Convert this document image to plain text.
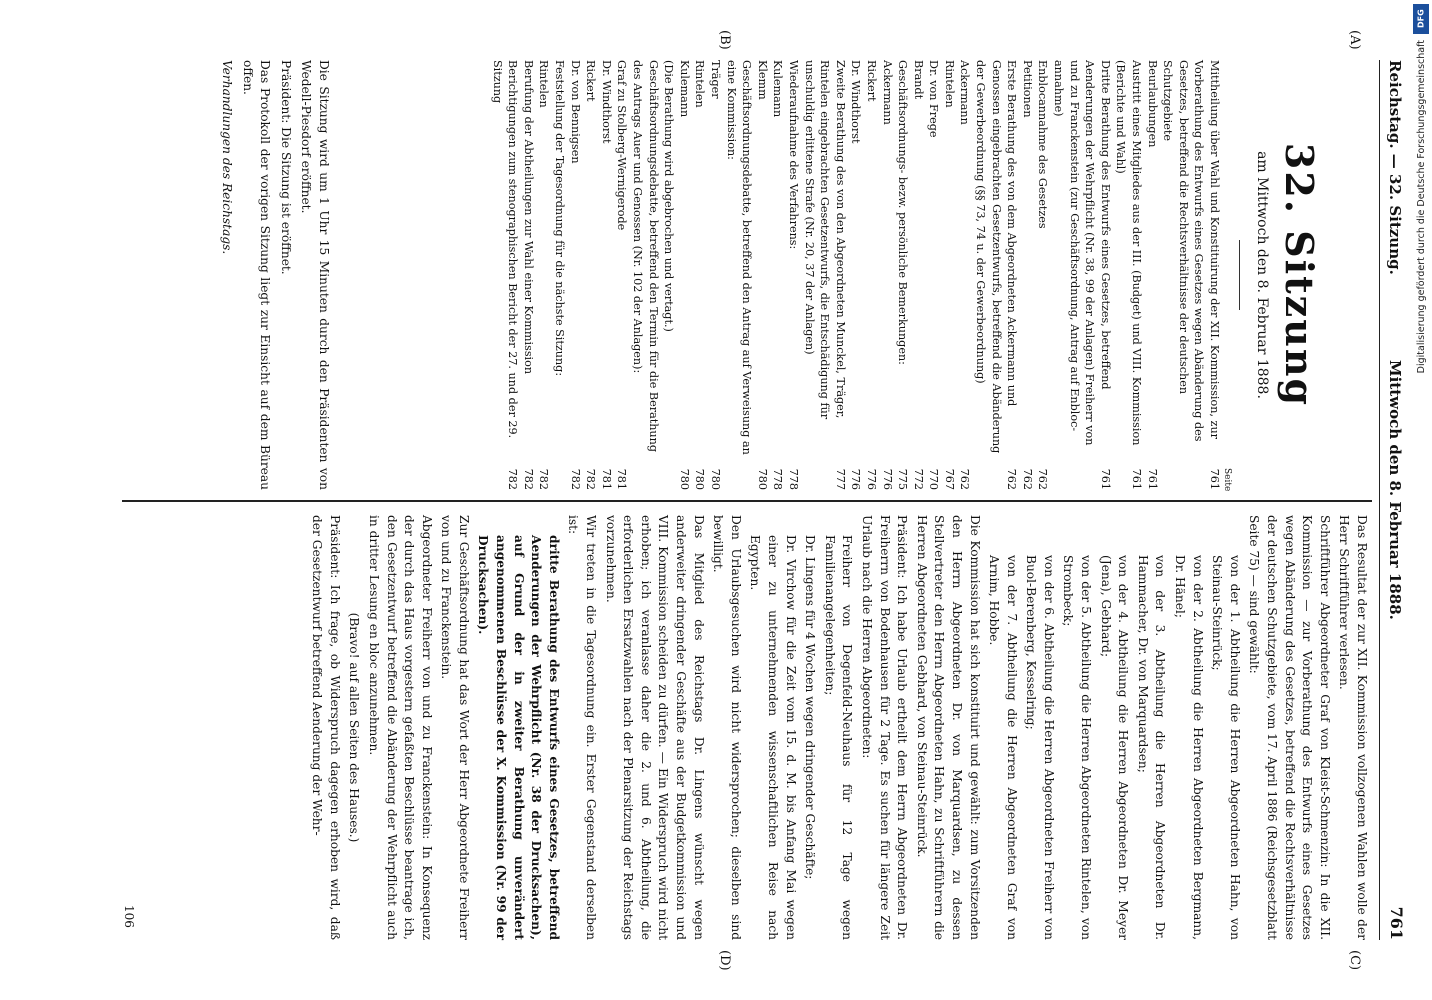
Reichstag. — 32. Sitzung.
Mittwoch den 8. Februar 1888.
761
(A)
(B)
(C)
(D)
32. Sitzung
am Mittwoch den 8. Februar 1888.
Seite
Mittheilung über Wahl und Konstituirung der XII. Kommission, zur Vorberathung des Entwurfs eines Gesetzes wegen Abänderung des Gesetzes, betreffend die Rechtsverhältnisse der deutschen Schutzgebiete
761
Beurlaubungen
761
Austritt eines Mitgliedes aus der III. (Budget) und VIII. Kommission (Berichte und Wahl)
761
Dritte Berathung des Entwurfs eines Gesetzes, betreffend Aenderungen der Wehrpflicht (Nr. 38, 99 der Anlagen) Freiherr von und zu Franckenstein (zur Geschäftsordnung, Antrag auf Enbloc-annahme)
761
Enblocannahme des Gesetzes
762
Petitionen
762
Erste Berathung des von dem Abgeordneten Ackermann und Genossen eingebrachten Gesetzentwurfs, betreffend die Abänderung der Gewerbeordnung (§§ 73, 74 u. der Gewerbeordnung)
762
Ackermann
762
Rintelen
767
Dr. von Frege
770
Brandt
772
Geschäftsordnungs- bezw. persönliche Bemerkungen:
775
Ackermann
776
Rickert
776
Dr. Windthorst
776
Zweite Berathung des von den Abgeordneten Munckel, Träger, Rintelen eingebrachten Gesetzentwurfs, die Entschädigung für unschuldig erlittene Strafe (Nr. 20, 37 der Anlagen)
777
Wiederaufnahme des Verfahrens:
778
Kulemann
778
Klemm
780
Geschäftsordnungsdebatte, betreffend den Antrag auf Verweisung an eine Kommission:
Träger
780
Rintelen
780
Kulemann
780
(Die Berathung wird abgebrochen und vertagt.)
Geschäftsordnungsdebatte, betreffend den Termin für die Berathung des Antrags Auer und Genossen (Nr. 102 der Anlagen):
Graf zu Stolberg-Wernigerode
781
Dr. Windthorst
781
Rickert
782
Dr. von Bennigsen
782
Feststellung der Tagesordnung für die nächste Sitzung:
Rintelen
782
Berufung der Abtheilungen zur Wahl einer Kommission
782
Berichtigungen zum stenographischen Bericht der 27. und der 29. Sitzung
782

Die Sitzung wird um 1 Uhr 15 Minuten durch den Präsidenten von Wedell-Piesdorf eröffnet.

Präsident: Die Sitzung ist eröffnet.

Das Protokoll der vorigen Sitzung liegt zur Einsicht auf dem Büreau offen.

Verhandlungen des Reichstags.

Das Resultat der zur XII. Kommission vollzogenen Wahlen wolle der Herr Schriftführer verlesen.

Schriftführer Abgeordneter Graf von Kleist-Schmenzin: In die XII. Kommission — zur Vorberathung des Entwurfs eines Gesetzes wegen Abänderung des Gesetzes, betreffend die Rechtsverhältnisse der deutschen Schutzgebiete, vom 17. April 1886 (Reichsgesetzblatt Seite 75) — sind gewählt:

von der 1. Abtheilung die Herren Abgeordneten Hahn, von Steinau-Steinrück;

von der 2. Abtheilung die Herren Abgeordneten Bergmann, Dr. Hänel;

von der 3. Abtheilung die Herren Abgeordneten Dr. Hammacher, Dr. von Marquardsen;

von der 4. Abtheilung die Herren Abgeordneten Dr. Meyer (Jena), Gebhard;

von der 5. Abtheilung die Herren Abgeordneten Rintelen, von Strombeck;

von der 6. Abtheilung die Herren Abgeordneten Freiherr von Buol-Berenberg, Kesselring;

von der 7. Abtheilung die Herren Abgeordneten Graf von Arnim, Hobbe.

Die Kommission hat sich konstituirt und gewählt: zum Vorsitzenden den Herrn Abgeordneten Dr. von Marquardsen, zu dessen Stellvertreter den Herrn Abgeordneten Hahn, zu Schriftführern die Herren Abgeordneten Gebhard, von Steinau-Steinrück.

Präsident: Ich habe Urlaub ertheilt dem Herrn Abgeordneten Dr. Freiherrn von Bodenhausen für 2 Tage. Es suchen für längere Zeit Urlaub nach die Herren Abgeordneten:

Freiherr von Degenfeld-Neuhaus für 12 Tage wegen Familienangelegenheiten;

Dr. Lingens für 4 Wochen wegen dringender Geschäfte;

Dr. Virchow für die Zeit vom 15. d. M. bis Anfang Mai wegen einer zu unternehmenden wissenschaftlichen Reise nach Egypten.

Den Urlaubsgesuchen wird nicht widersprochen; dieselben sind bewilligt.

Das Mitglied des Reichstags Dr. Lingens wünscht wegen anderweiter dringender Geschäfte aus der Budgetkommission und VIII. Kommission scheiden zu dürfen. — Ein Widerspruch wird nicht erhoben; ich veranlasse daher die 2. und 6. Abtheilung, die erforderlichen Ersatzwahlen nach der Plenarsitzung der Reichstags vorzunehmen.

Wir treten in die Tagesordnung ein. Erster Gegenstand derselben ist:

dritte Berathung des Entwurfs eines Gesetzes, betreffend Aenderungen der Wehrpflicht (Nr. 38 der Drucksachen), auf Grund der in zweiter Berathung unverändert angenommenen Beschlüsse der X. Kommission (Nr. 99 der Drucksachen).

Zur Geschäftsordnung hat das Wort der Herr Abgeordnete Freiherr von und zu Franckenstein.

Abgeordneter Freiherr von und zu Franckenstein: In Konsequenz der durch das Haus vorgestern gefaßten Beschlüsse beantrage ich, den Gesetzentwurf betreffend die Abänderung der Wehrpflicht auch in dritter Lesung en bloc anzunehmen.

(Bravo! auf allen Seiten des Hauses.)

Präsident: Ich frage, ob Widerspruch dagegen erhoben wird, daß der Gesetzentwurf betreffend Aenderung der Wehr-

106
DFG
Digitalisierung gefördert durch die Deutsche Forschungsgemeinschaft
